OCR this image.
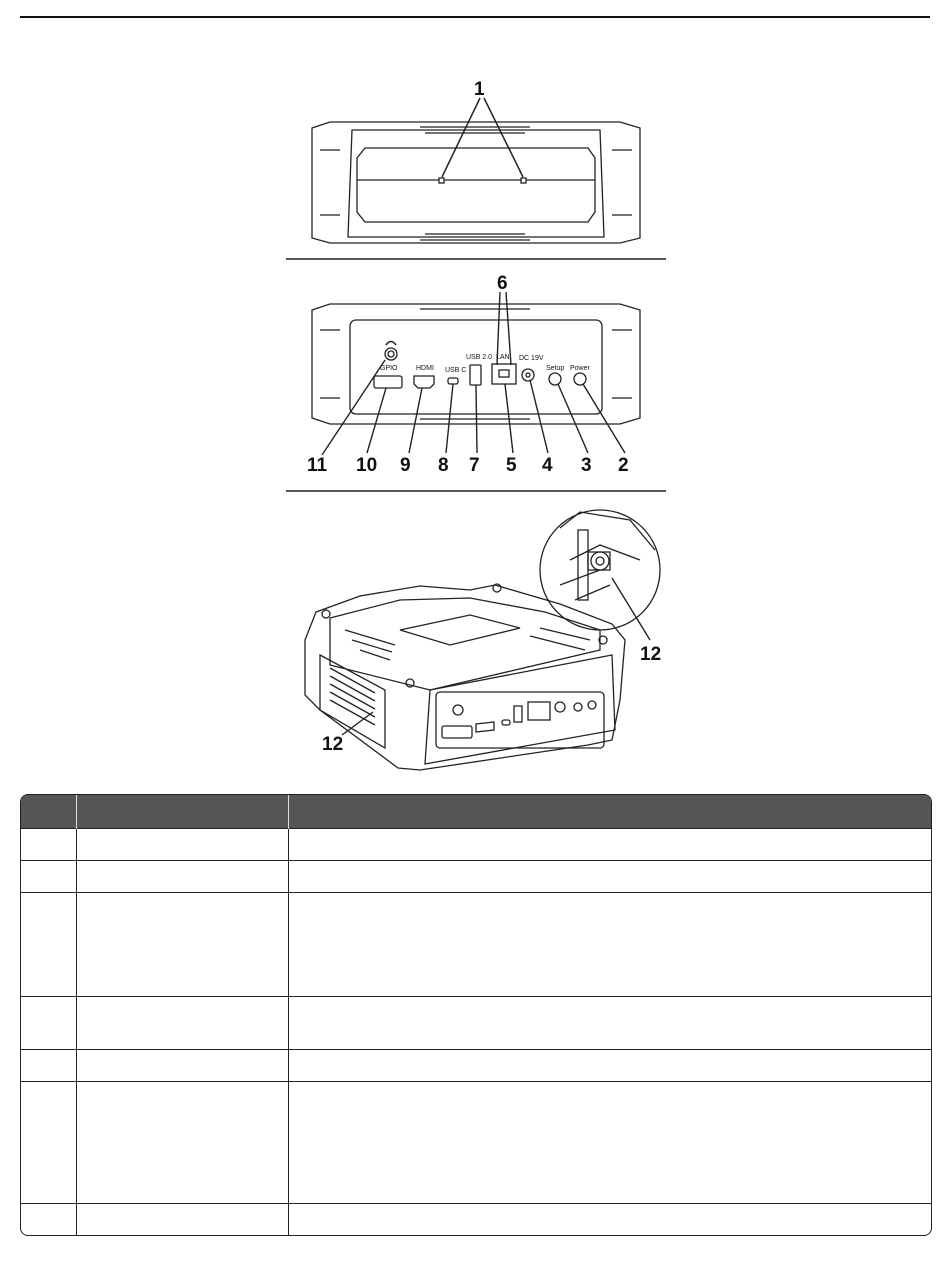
GPIO	HDMI USB C
USB 2.0 LAN DC 19V
Setup Power
1
2
3
4
5
6
7
8
9
10
11
12
12
